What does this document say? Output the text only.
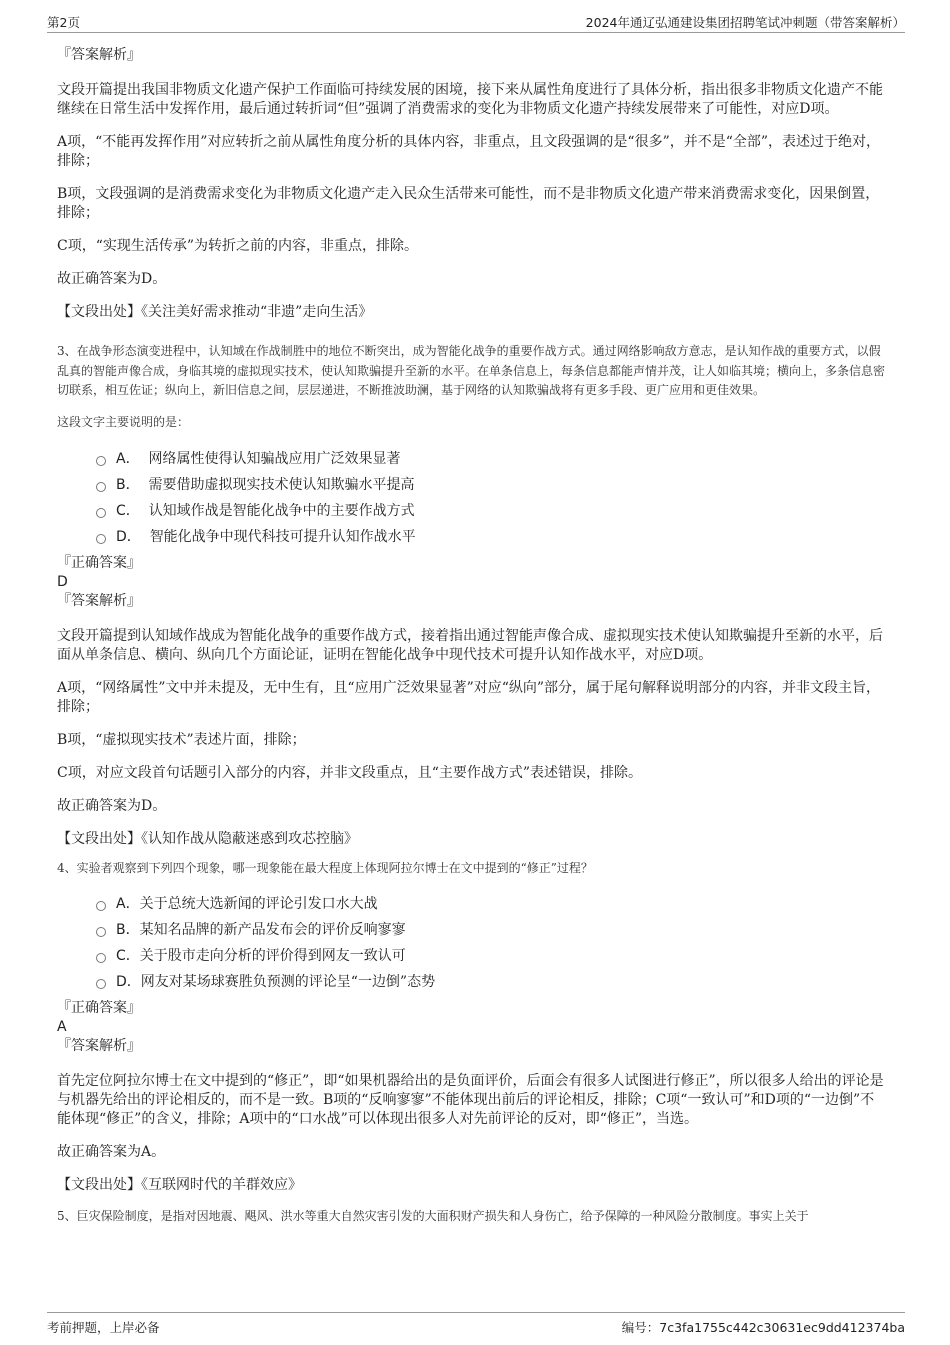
第2页	2024年通辽弘通建设集团招聘笔试冲刺题（带答案解析）

『答案解析』

文段开篇提出我国非物质文化遗产保护工作面临可持续发展的困境，接下来从属性角度进行了具体分析，指出很多非物质文化遗产不能继续在日常生活中发挥作用，最后通过转折词“但”强调了消费需求的变化为非物质文化遗产持续发展带来了可能性，对应D项。

A项，“不能再发挥作用”对应转折之前从属性角度分析的具体内容，非重点，且文段强调的是“很多”，并不是“全部”，表述过于绝对，排除；

B项，文段强调的是消费需求变化为非物质文化遗产走入民众生活带来可能性，而不是非物质文化遗产带来消费需求变化，因果倒置，排除；

C项，“实现生活传承”为转折之前的内容，非重点，排除。

故正确答案为D。

【文段出处】《关注美好需求推动“非遗”走向生活》

3、在战争形态演变进程中，认知域在作战制胜中的地位不断突出，成为智能化战争的重要作战方式。通过网络影响敌方意志，是认知作战的重要方式，以假乱真的智能声像合成，身临其境的虚拟现实技术，使认知欺骗提升至新的水平。在单条信息上，每条信息都能声情并茂，让人如临其境；横向上，多条信息密切联系，相互佐证；纵向上，新旧信息之间，层层递进，不断推波助澜，基于网络的认知欺骗战将有更多手段、更广应用和更佳效果。

这段文字主要说明的是：

A． 网络属性使得认知骗战应用广泛效果显著
B． 需要借助虚拟现实技术使认知欺骗水平提高
C． 认知域作战是智能化战争中的主要作战方式
D． 智能化战争中现代科技可提升认知作战水平

『正确答案』

D

『答案解析』

文段开篇提到认知域作战成为智能化战争的重要作战方式，接着指出通过智能声像合成、虚拟现实技术使认知欺骗提升至新的水平，后面从单条信息、横向、纵向几个方面论证，证明在智能化战争中现代技术可提升认知作战水平，对应D项。

A项，“网络属性”文中并未提及，无中生有，且“应用广泛效果显著”对应“纵向”部分，属于尾句解释说明部分的内容，并非文段主旨，排除；

B项，“虚拟现实技术”表述片面，排除；

C项，对应文段首句话题引入部分的内容，并非文段重点，且“主要作战方式”表述错误，排除。

故正确答案为D。

【文段出处】《认知作战从隐蔽迷惑到攻芯控脑》

4、实验者观察到下列四个现象，哪一现象能在最大程度上体现阿拉尔博士在文中提到的“修正”过程？

A．关于总统大选新闻的评论引发口水大战
B．某知名品牌的新产品发布会的评价反响寥寥
C．关于股市走向分析的评价得到网友一致认可
D．网友对某场球赛胜负预测的评论呈“一边倒”态势

『正确答案』

A

『答案解析』

首先定位阿拉尔博士在文中提到的“修正”，即“如果机器给出的是负面评价，后面会有很多人试图进行修正”，所以很多人给出的评论是与机器先给出的评论相反的，而不是一致。B项的“反响寥寥”不能体现出前后的评论相反，排除；C项“一致认可”和D项的“一边倒”不能体现“修正”的含义，排除；A项中的“口水战”可以体现出很多人对先前评论的反对，即“修正”，当选。

故正确答案为A。

【文段出处】《互联网时代的羊群效应》

5、巨灾保险制度，是指对因地震、飓风、洪水等重大自然灾害引发的大面积财产损失和人身伤亡，给予保障的一种风险分散制度。事实上关于

考前押题，上岸必备	编号：7c3fa1755c442c30631ec9dd412374ba
